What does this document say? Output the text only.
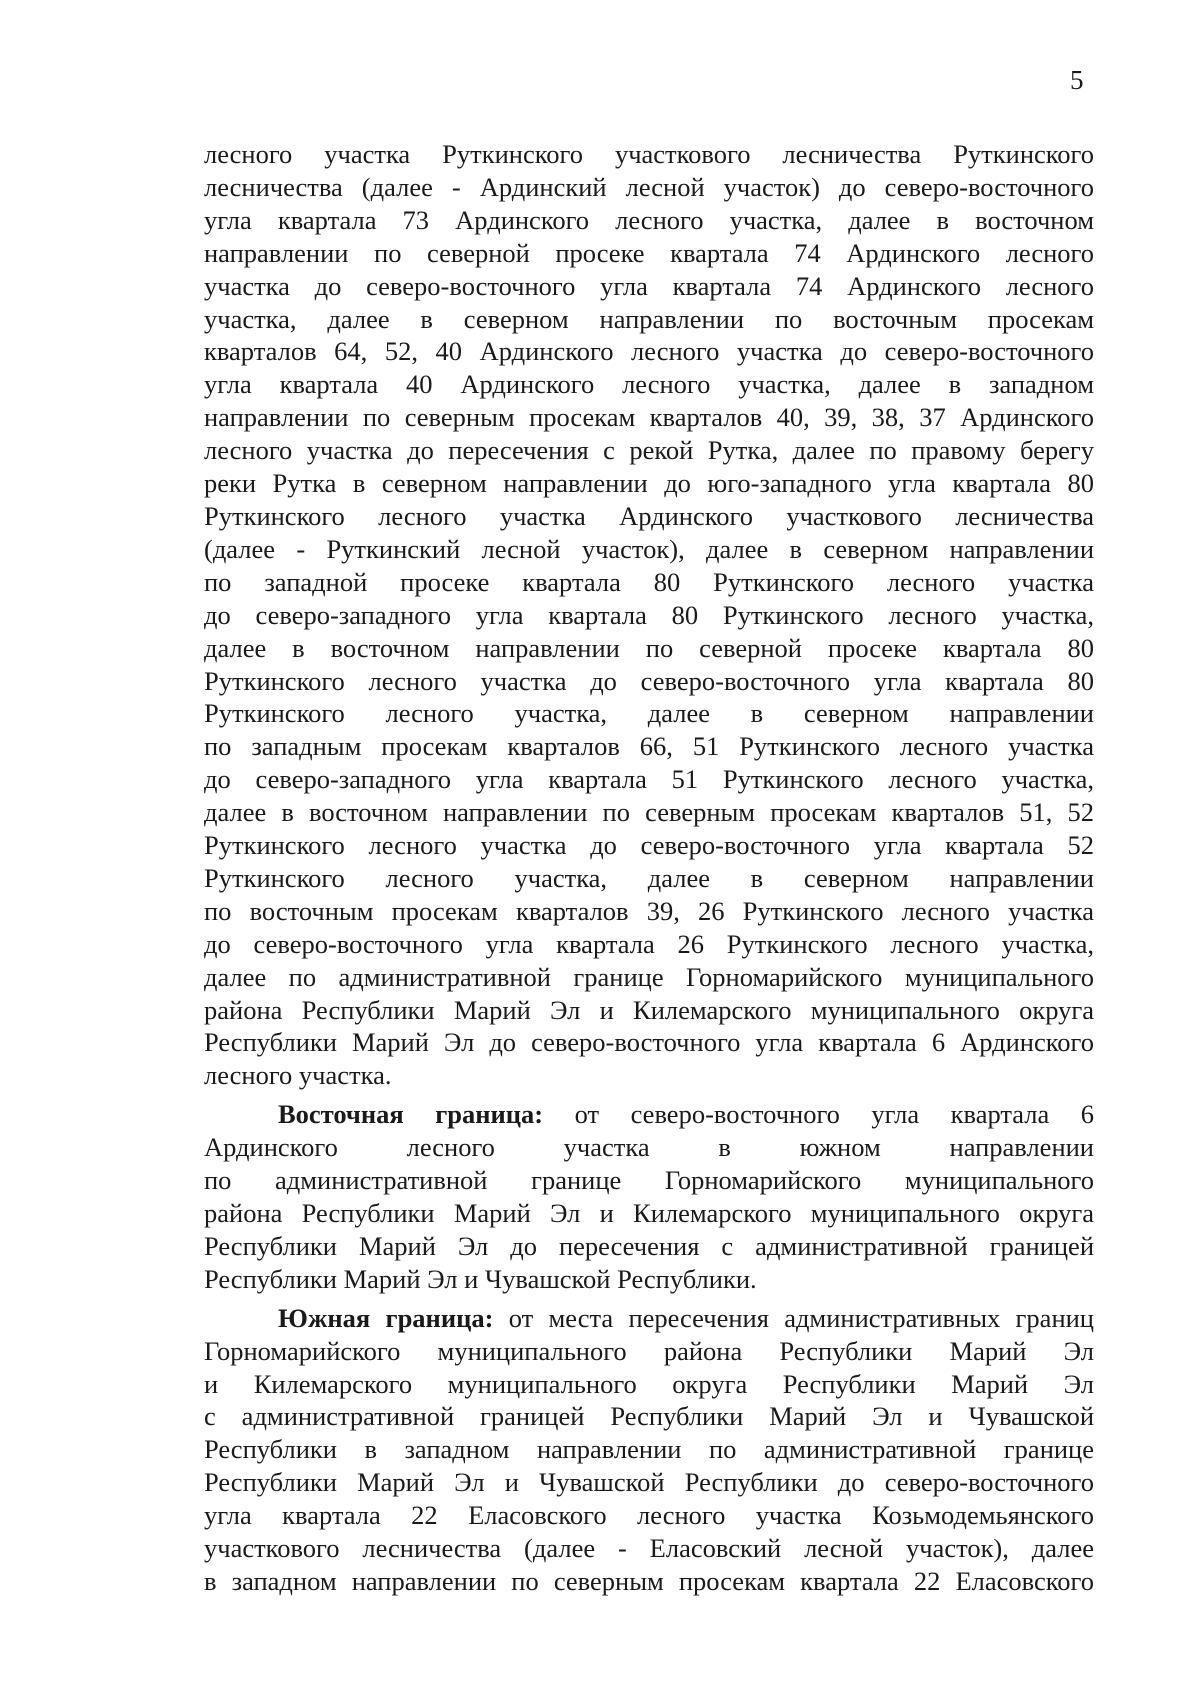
5
лесного участка Руткинского участкового лесничества Руткинского
лесничества (далее - Ардинский лесной участок) до северо-восточного
угла квартала 73 Ардинского лесного участка, далее в восточном
направлении по северной просеке квартала 74 Ардинского лесного
участка до северо-восточного угла квартала 74 Ардинского лесного
участка, далее в северном направлении по восточным просекам
кварталов 64, 52, 40 Ардинского лесного участка до северо-восточного
угла квартала 40 Ардинского лесного участка, далее в западном
направлении по северным просекам кварталов 40, 39, 38, 37 Ардинского
лесного участка до пересечения с рекой Рутка, далее по правому берегу
реки Рутка в северном направлении до юго-западного угла квартала 80
Руткинского лесного участка Ардинского участкового лесничества
(далее - Руткинский лесной участок), далее в северном направлении
по западной просеке квартала 80 Руткинского лесного участка
до северо-западного угла квартала 80 Руткинского лесного участка,
далее в восточном направлении по северной просеке квартала 80
Руткинского лесного участка до северо-восточного угла квартала 80
Руткинского лесного участка, далее в северном направлении
по западным просекам кварталов 66, 51 Руткинского лесного участка
до северо-западного угла квартала 51 Руткинского лесного участка,
далее в восточном направлении по северным просекам кварталов 51, 52
Руткинского лесного участка до северо-восточного угла квартала 52
Руткинского лесного участка, далее в северном направлении
по восточным просекам кварталов 39, 26 Руткинского лесного участка
до северо-восточного угла квартала 26 Руткинского лесного участка,
далее по административной границе Горномарийского муниципального
района Республики Марий Эл и Килемарского муниципального округа
Республики Марий Эл до северо-восточного угла квартала 6 Ардинского
лесного участка.
Восточная граница: от северо-восточного угла квартала 6
Ардинского лесного участка в южном направлении
по административной границе Горномарийского муниципального
района Республики Марий Эл и Килемарского муниципального округа
Республики Марий Эл до пересечения с административной границей
Республики Марий Эл и Чувашской Республики.
Южная граница: от места пересечения административных границ
Горномарийского муниципального района Республики Марий Эл
и Килемарского муниципального округа Республики Марий Эл
с административной границей Республики Марий Эл и Чувашской
Республики в западном направлении по административной границе
Республики Марий Эл и Чувашской Республики до северо-восточного
угла квартала 22 Еласовского лесного участка Козьмодемьянского
участкового лесничества (далее - Еласовский лесной участок), далее
в западном направлении по северным просекам квартала 22 Еласовского
